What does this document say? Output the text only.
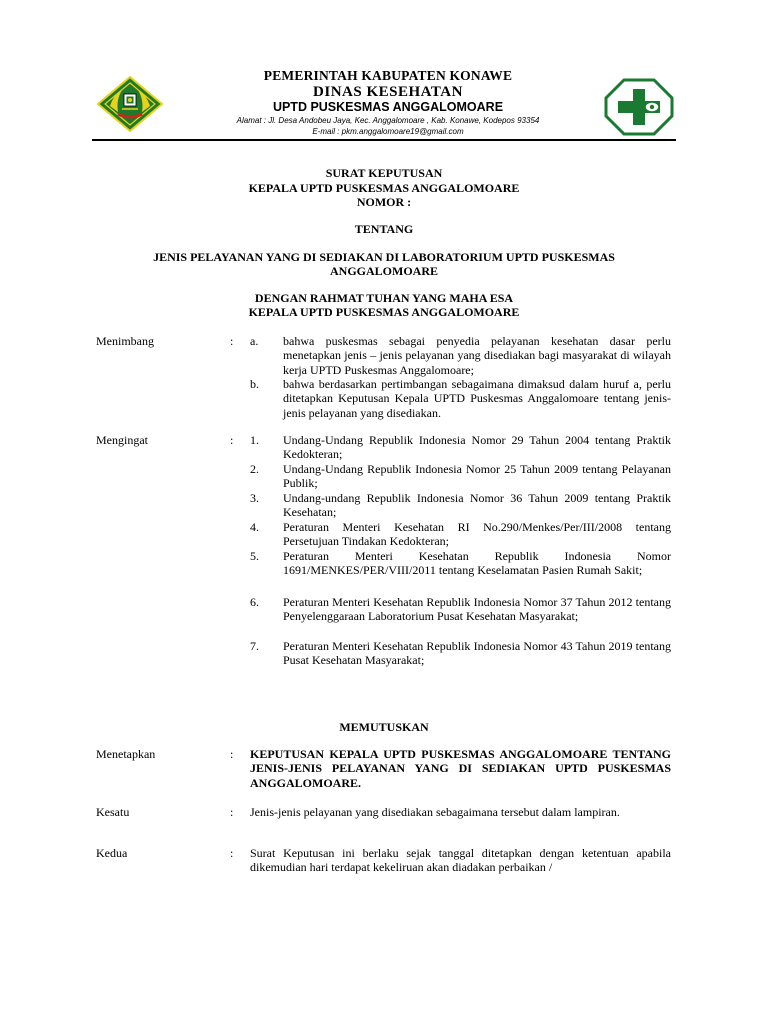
PEMERINTAH KABUPATEN KONAWE
DINAS KESEHATAN
UPTD PUSKESMAS ANGGALOMOARE
Alamat : Jl. Desa Andobeu Jaya, Kec. Anggalomoare , Kab. Konawe, Kodepos 93354
E-mail : pkm.anggalomoare19@gmail.com
SURAT KEPUTUSAN
KEPALA UPTD PUSKESMAS ANGGALOMOARE
NOMOR :
TENTANG
JENIS PELAYANAN YANG DI SEDIAKAN DI LABORATORIUM UPTD PUSKESMAS
ANGGALOMOARE
DENGAN RAHMAT TUHAN YANG MAHA ESA
KEPALA UPTD PUSKESMAS ANGGALOMOARE
Menimbang	: a. bahwa puskesmas sebagai penyedia pelayanan kesehatan dasar perlu menetapkan jenis – jenis pelayanan yang disediakan bagi masyarakat di wilayah kerja UPTD Puskesmas Anggalomoare;
b. bahwa berdasarkan pertimbangan sebagaimana dimaksud dalam huruf a, perlu ditetapkan Keputusan Kepala UPTD Puskesmas Anggalomoare tentang jenis-jenis pelayanan yang disediakan.
Mengingat	: 1. Undang-Undang Republik Indonesia Nomor 29 Tahun 2004 tentang Praktik Kedokteran;
2. Undang-Undang Republik Indonesia Nomor 25 Tahun 2009 tentang Pelayanan Publik;
3. Undang-undang Republik Indonesia Nomor 36 Tahun 2009 tentang Praktik Kesehatan;
4. Peraturan Menteri Kesehatan RI No.290/Menkes/Per/III/2008 tentang Persetujuan Tindakan Kedokteran;
5. Peraturan Menteri Kesehatan Republik Indonesia Nomor 1691/MENKES/PER/VIII/2011 tentang Keselamatan Pasien Rumah Sakit;
6. Peraturan Menteri Kesehatan Republik Indonesia Nomor 37 Tahun 2012 tentang Penyelenggaraan Laboratorium Pusat Kesehatan Masyarakat;
7. Peraturan Menteri Kesehatan Republik Indonesia Nomor 43 Tahun 2019 tentang Pusat Kesehatan Masyarakat;
MEMUTUSKAN
Menetapkan	: KEPUTUSAN KEPALA UPTD PUSKESMAS ANGGALOMOARE TENTANG JENIS-JENIS PELAYANAN YANG DI SEDIAKAN UPTD PUSKESMAS ANGGALOMOARE.
Kesatu	: Jenis-jenis pelayanan yang disediakan sebagaimana tersebut dalam lampiran.
Kedua	: Surat Keputusan ini berlaku sejak tanggal ditetapkan dengan ketentuan apabila dikemudian hari terdapat kekeliruan akan diadakan perbaikan /
